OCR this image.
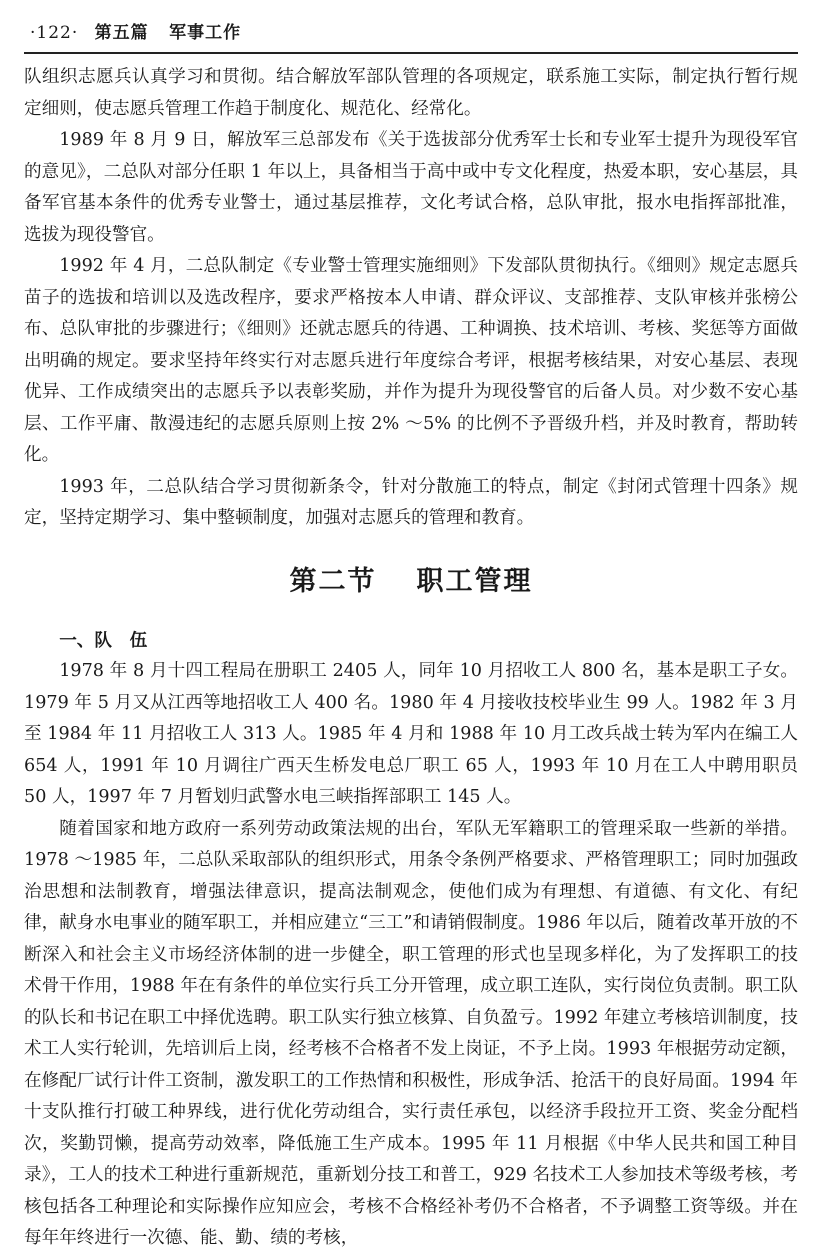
·122· 第五篇 军事工作

队组织志愿兵认真学习和贯彻。结合解放军部队管理的各项规定，联系施工实际，制定执行暂行规定细则，使志愿兵管理工作趋于制度化、规范化、经常化。

1989 年 8 月 9 日，解放军三总部发布《关于选拔部分优秀军士长和专业军士提升为现役军官的意见》，二总队对部分任职 1 年以上，具备相当于高中或中专文化程度，热爱本职，安心基层，具备军官基本条件的优秀专业警士，通过基层推荐，文化考试合格，总队审批，报水电指挥部批准，选拔为现役警官。

1992 年 4 月，二总队制定《专业警士管理实施细则》下发部队贯彻执行。《细则》规定志愿兵苗子的选拔和培训以及选改程序，要求严格按本人申请、群众评议、支部推荐、支队审核并张榜公布、总队审批的步骤进行；《细则》还就志愿兵的待遇、工种调换、技术培训、考核、奖惩等方面做出明确的规定。要求坚持年终实行对志愿兵进行年度综合考评，根据考核结果，对安心基层、表现优异、工作成绩突出的志愿兵予以表彰奖励，并作为提升为现役警官的后备人员。对少数不安心基层、工作平庸、散漫违纪的志愿兵原则上按 2% ～5% 的比例不予晋级升档，并及时教育，帮助转化。

1993 年，二总队结合学习贯彻新条令，针对分散施工的特点，制定《封闭式管理十四条》规定，坚持定期学习、集中整顿制度，加强对志愿兵的管理和教育。

第二节 职工管理

一、队　伍

1978 年 8 月十四工程局在册职工 2405 人，同年 10 月招收工人 800 名，基本是职工子女。1979 年 5 月又从江西等地招收工人 400 名。1980 年 4 月接收技校毕业生 99 人。1982 年 3 月至 1984 年 11 月招收工人 313 人。1985 年 4 月和 1988 年 10 月工改兵战士转为军内在编工人 654 人，1991 年 10 月调往广西天生桥发电总厂职工 65 人，1993 年 10 月在工人中聘用职员 50 人，1997 年 7 月暂划归武警水电三峡指挥部职工 145 人。

随着国家和地方政府一系列劳动政策法规的出台，军队无军籍职工的管理采取一些新的举措。1978 ～1985 年，二总队采取部队的组织形式，用条令条例严格要求、严格管理职工；同时加强政治思想和法制教育，增强法律意识，提高法制观念，使他们成为有理想、有道德、有文化、有纪律，献身水电事业的随军职工，并相应建立“三工”和请销假制度。1986 年以后，随着改革开放的不断深入和社会主义市场经济体制的进一步健全，职工管理的形式也呈现多样化，为了发挥职工的技术骨干作用，1988 年在有条件的单位实行兵工分开管理，成立职工连队，实行岗位负责制。职工队的队长和书记在职工中择优选聘。职工队实行独立核算、自负盈亏。1992 年建立考核培训制度，技术工人实行轮训，先培训后上岗，经考核不合格者不发上岗证，不予上岗。1993 年根据劳动定额，在修配厂试行计件工资制，激发职工的工作热情和积极性，形成争活、抢活干的良好局面。1994 年十支队推行打破工种界线，进行优化劳动组合，实行责任承包，以经济手段拉开工资、奖金分配档次，奖勤罚懒，提高劳动效率，降低施工生产成本。1995 年 11 月根据《中华人民共和国工种目录》，工人的技术工种进行重新规范，重新划分技工和普工，929 名技术工人参加技术等级考核，考核包括各工种理论和实际操作应知应会，考核不合格经补考仍不合格者，不予调整工资等级。并在每年年终进行一次德、能、勤、绩的考核，
